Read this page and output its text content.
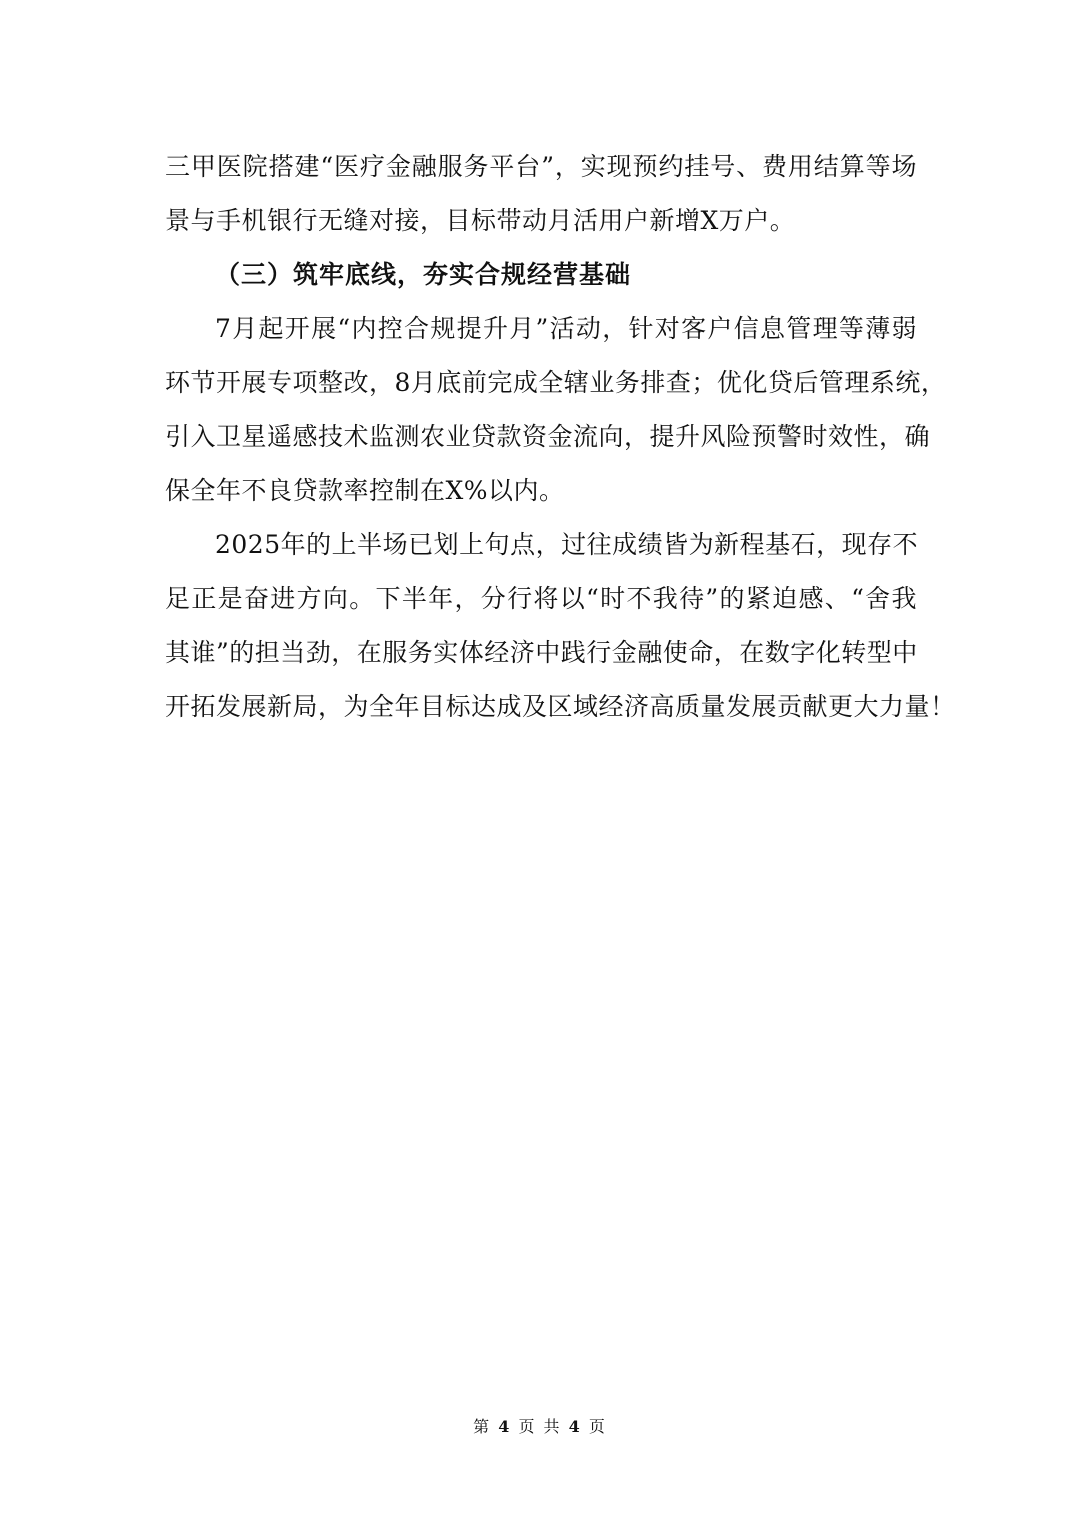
三甲医院搭建“医疗金融服务平台”，实现预约挂号、费用结算等场
景与手机银行无缝对接，目标带动月活用户新增X万户。
（三）筑牢底线，夯实合规经营基础
7月起开展“内控合规提升月”活动，针对客户信息管理等薄弱
环节开展专项整改，8月底前完成全辖业务排查；优化贷后管理系统，
引入卫星遥感技术监测农业贷款资金流向，提升风险预警时效性，确
保全年不良贷款率控制在X%以内。
2025年的上半场已划上句点，过往成绩皆为新程基石，现存不
足正是奋进方向。下半年，分行将以“时不我待”的紧迫感、“舍我
其谁”的担当劲，在服务实体经济中践行金融使命，在数字化转型中
开拓发展新局，为全年目标达成及区域经济高质量发展贡献更大力量！
第 4 页 共 4 页
